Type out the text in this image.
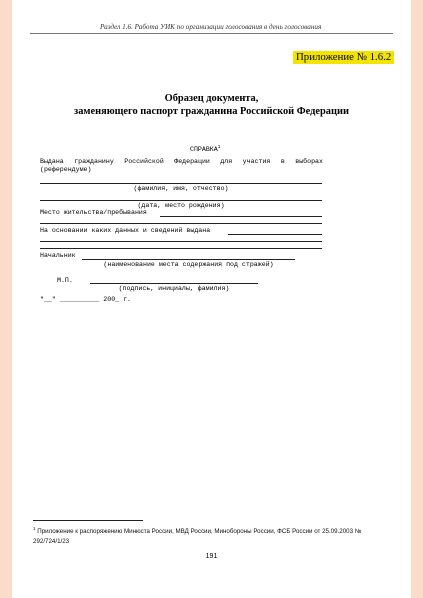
Раздел 1.6. Работа УИК по организации голосования в день голосования
Приложение № 1.6.2
Образец документа,
заменяющего паспорт гражданина Российской Федерации
СПРАВКА$^1$
Выдана гражданину Российской Федерации для участия в выборах
(референдуме)
(фамилия, имя, отчество)
(дата, место рождения)
Место жительства/пребывания
На основании каких данных и сведений выдана
Начальник
(наименование места содержания под стражей)
М.П.
(подпись, инициалы, фамилия)
"__" __________ 200_ г.
$^1$ Приложение к распоряжению Минюста России, МВД России, Минобороны России, ФСБ России от 25.09.2003 № 292/724/1/23
191
